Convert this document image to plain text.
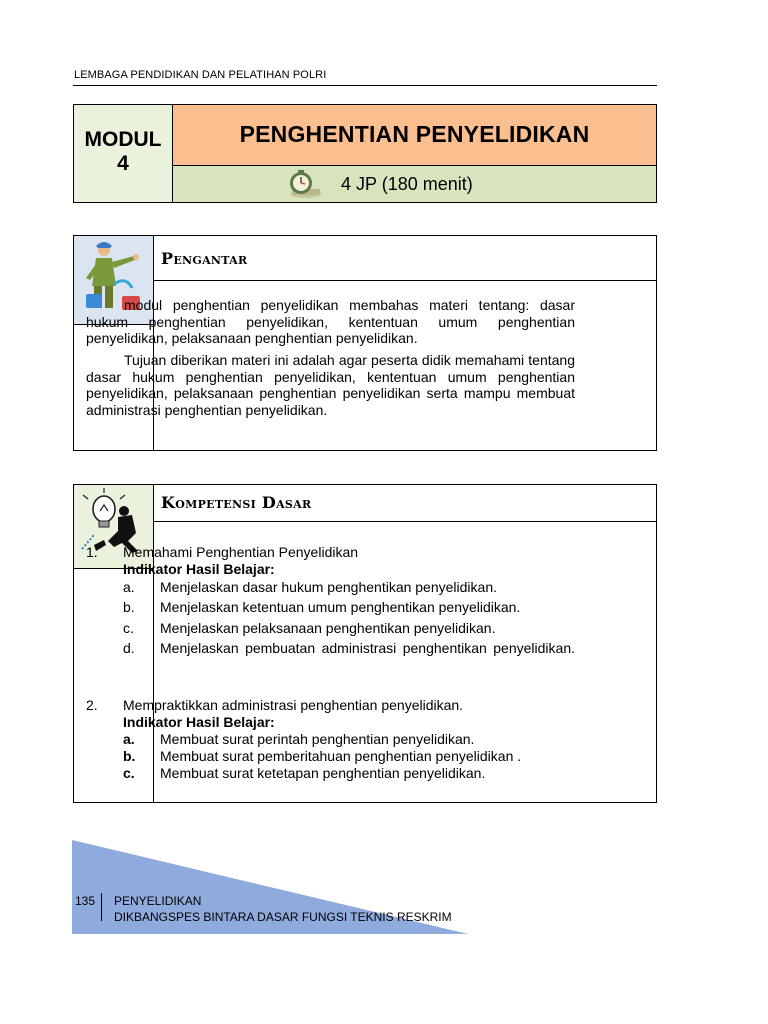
LEMBAGA PENDIDIKAN DAN PELATIHAN POLRI
MODUL
4
PENGHENTIAN PENYELIDIKAN
4 JP (180 menit)
Pengantar
modul penghentian penyelidikan membahas materi tentang: dasar hukum penghentian penyelidikan, kententuan umum penghentian penyelidikan, pelaksanaan penghentian penyelidikan.
Tujuan diberikan materi ini adalah agar peserta didik memahami tentang dasar hukum penghentian penyelidikan, kententuan umum penghentian penyelidikan, pelaksanaan penghentian penyelidikan serta mampu membuat administrasi penghentian penyelidikan.
Kompetensi Dasar
1. Memahami Penghentian Penyelidikan
Indikator Hasil Belajar:
a. Menjelaskan dasar hukum penghentikan penyelidikan.
b. Menjelaskan ketentuan umum penghentikan penyelidikan.
c. Menjelaskan pelaksanaan penghentikan penyelidikan.
d. Menjelaskan pembuatan administrasi penghentikan penyelidikan.
2. Mempraktikkan administrasi penghentian penyelidikan.
Indikator Hasil Belajar:
a. Membuat surat perintah penghentian penyelidikan.
b. Membuat surat pemberitahuan penghentian penyelidikan .
c. Membuat surat ketetapan penghentian penyelidikan.
135 PENYELIDIKAN
DIKBANGSPES BINTARA DASAR FUNGSI TEKNIS RESKRIM
